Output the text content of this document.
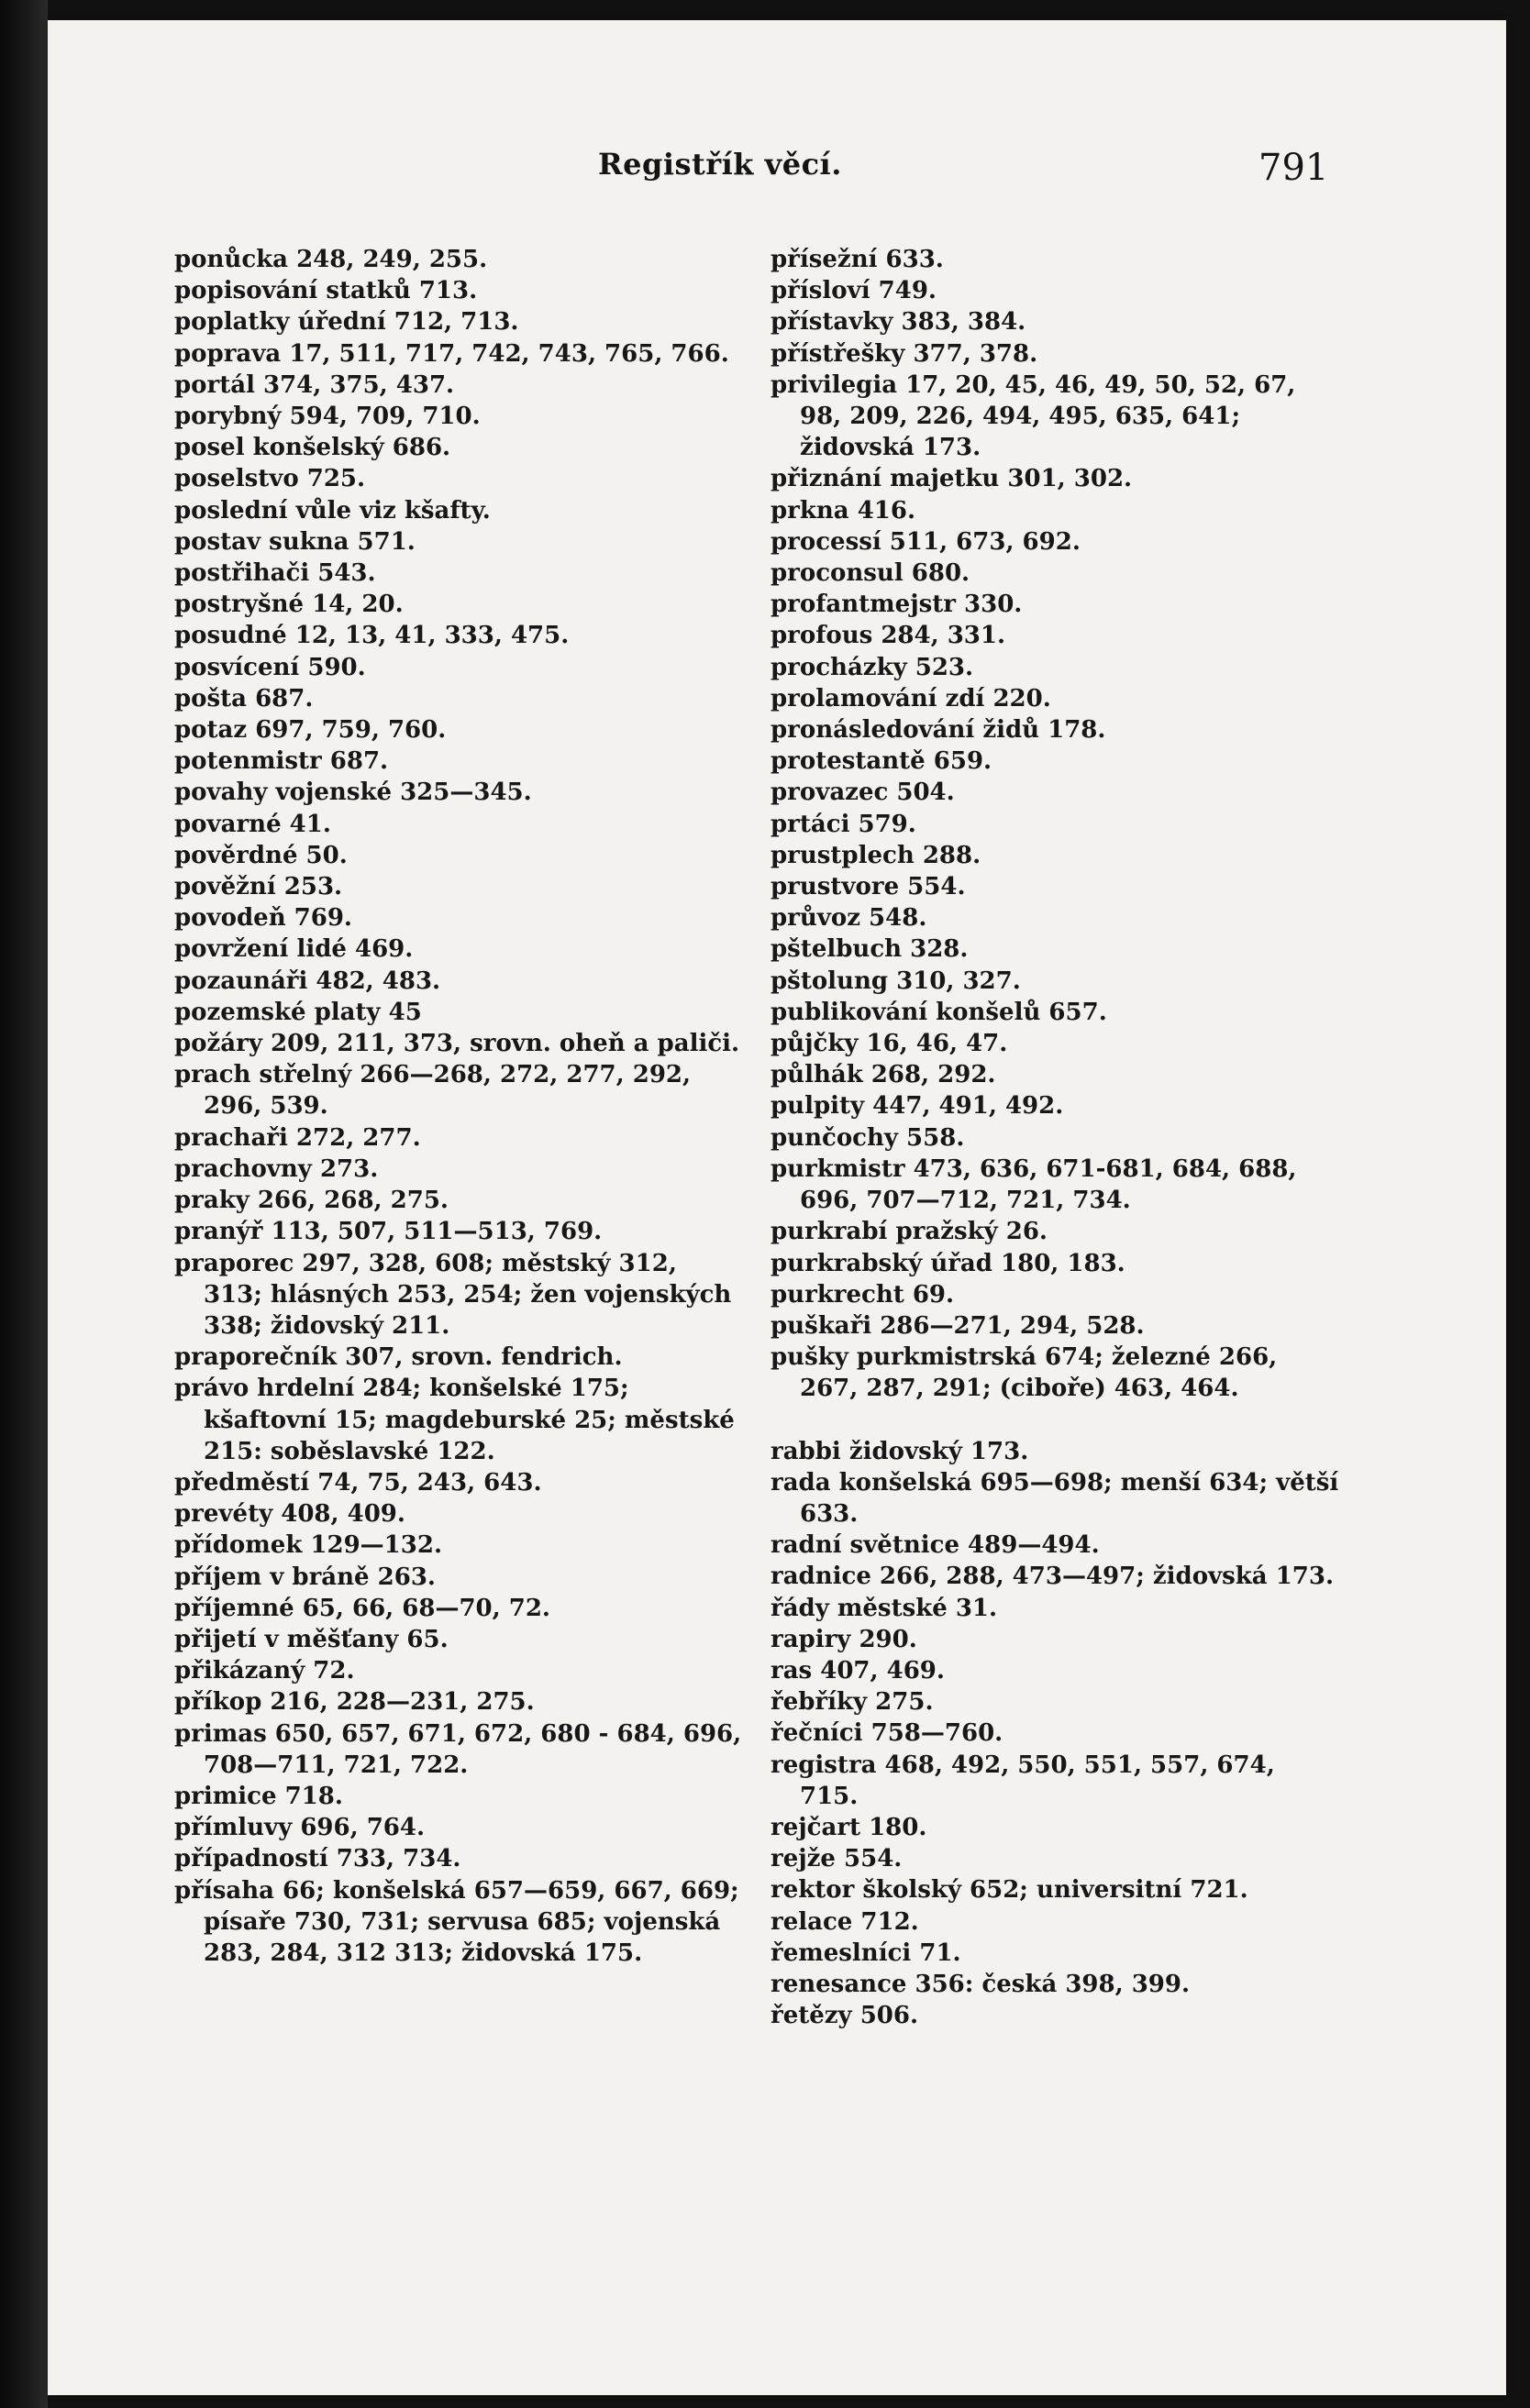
Registřík věcí.	791
ponůcka 248, 249, 255.
popisování statků 713.
poplatky úřední 712, 713.
poprava 17, 511, 717, 742, 743, 765, 766.
portál 374, 375, 437.
porybný 594, 709, 710.
posel konšelský 686.
poselstvo 725.
poslední vůle viz kšafty.
postav sukna 571.
postřihači 543.
postryšné 14, 20.
posudné 12, 13, 41, 333, 475.
posvícení 590.
pošta 687.
potaz 697, 759, 760.
potenmistr 687.
povahy vojenské 325—345.
povarné 41.
pověrdné 50.
pověžní 253.
povodeň 769.
povržení lidé 469.
pozaunáři 482, 483.
pozemské platy 45
požáry 209, 211, 373, srovn. oheň a paliči.
prach střelný 266—268, 272, 277, 292, 296, 539.
prachaři 272, 277.
prachovny 273.
praky 266, 268, 275.
pranýř 113, 507, 511—513, 769.
praporec 297, 328, 608; městský 312, 313; hlásných 253, 254; žen vojenských 338; židovský 211.
praporečník 307, srovn. fendrich.
právo hrdelní 284; konšelské 175; kšaftovní 15; magdeburské 25; městské 215: soběslavské 122.
předměstí 74, 75, 243, 643.
prevéty 408, 409.
přídomek 129—132.
příjem v bráně 263.
příjemné 65, 66, 68—70, 72.
přijetí v měšťany 65.
přikázaný 72.
příkop 216, 228—231, 275.
primas 650, 657, 671, 672, 680 - 684, 696, 708—711, 721, 722.
primice 718.
přímluvy 696, 764.
případností 733, 734.
přísaha 66; konšelská 657—659, 667, 669; písaře 730, 731; servusa 685; vojenská 283, 284, 312 313; židovská 175.
přísežní 633.
přísloví 749.
přístavky 383, 384.
přístřešky 377, 378.
privilegia 17, 20, 45, 46, 49, 50, 52, 67, 98, 209, 226, 494, 495, 635, 641; židovská 173.
přiznání majetku 301, 302.
prkna 416.
processí 511, 673, 692.
proconsul 680.
profantmejstr 330.
profous 284, 331.
procházky 523.
prolamování zdí 220.
pronásledování židů 178.
protestantě 659.
provazec 504.
prtáci 579.
prustplech 288.
prustvore 554.
průvoz 548.
pštelbuch 328.
pštolung 310, 327.
publikování konšelů 657.
půjčky 16, 46, 47.
půlhák 268, 292.
pulpity 447, 491, 492.
punčochy 558.
purkmistr 473, 636, 671-681, 684, 688, 696, 707—712, 721, 734.
purkrabí pražský 26.
purkrabský úřad 180, 183.
purkrecht 69.
puškaři 286—271, 294, 528.
pušky purkmistrská 674; železné 266, 267, 287, 291; (ciboře) 463, 464.
rabbi židovský 173.
rada konšelská 695—698; menší 634; větší 633.
radní světnice 489—494.
radnice 266, 288, 473—497; židovská 173.
řády městské 31.
rapiry 290.
ras 407, 469.
řebříky 275.
řečníci 758—760.
registra 468, 492, 550, 551, 557, 674, 715.
rejčart 180.
rejže 554.
rektor školský 652; universitní 721.
relace 712.
řemeslníci 71.
renesance 356: česká 398, 399.
řetězy 506.
